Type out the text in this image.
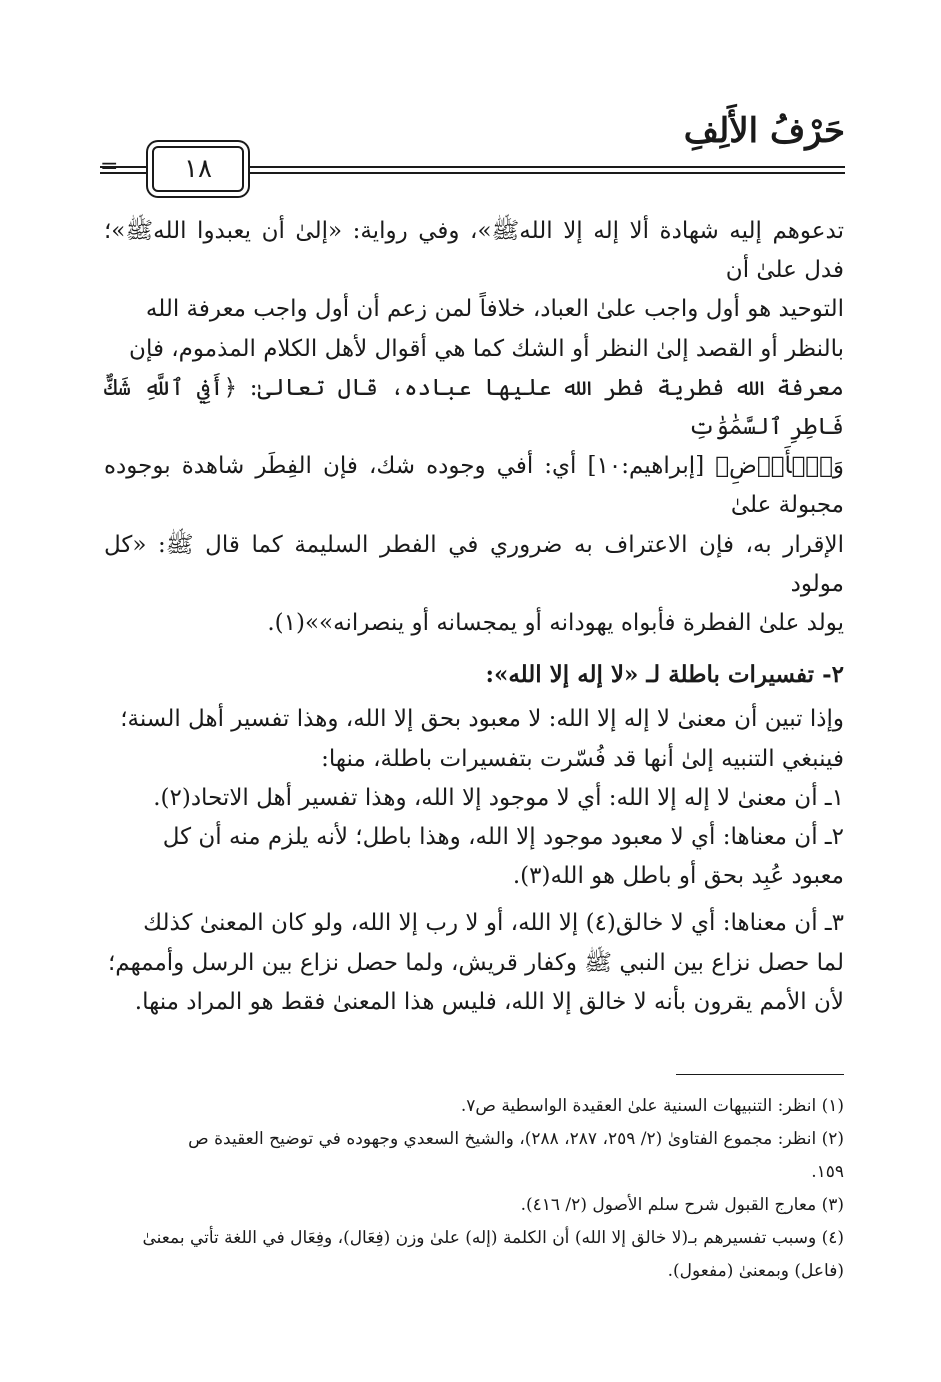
حَرْفُ الأَلِفِ
=	١٨

تدعوهم إليه شهادة ألا إله إلا اللهﷺ»، وفي رواية: «إلىٰ أن يعبدوا اللهﷺ»؛ فدل علىٰ أن

التوحيد هو أول واجب علىٰ العباد، خلافاً لمن زعم أن أول واجب معرفة الله

بالنظر أو القصد إلىٰ النظر أو الشك كما هي أقوال لأهل الكلام المذموم، فإن

معرفة الله فطرية فطر الله عليها عباده، قال تعالىٰ: ﴿أَفِي ٱللَّهِ شَكٌّ فَاطِرِ ٱلسَّمَٰوَٰتِ

وَٱلۡأَرۡضِ﴾ [إبراهيم:١٠] أي: أفي وجوده شك، فإن الفِطَر شاهدة بوجوده مجبولة علىٰ

الإقرار به، فإن الاعتراف به ضروري في الفطر السليمة كما قال ﷺ: «كل مولود

يولد علىٰ الفطرة فأبواه يهودانه أو يمجسانه أو ينصرانه»»(١).

٢- تفسيرات باطلة لـ «لا إله إلا الله»:

وإذا تبين أن معنىٰ لا إله إلا الله: لا معبود بحق إلا الله، وهذا تفسير أهل السنة؛

فينبغي التنبيه إلىٰ أنها قد فُسّرت بتفسيرات باطلة، منها:

١ـ أن معنىٰ لا إله إلا الله: أي لا موجود إلا الله، وهذا تفسير أهل الاتحاد(٢).

٢ـ أن معناها: أي لا معبود موجود إلا الله، وهذا باطل؛ لأنه يلزم منه أن كل

معبود عُبِد بحق أو باطل هو الله(٣).

٣ـ أن معناها: أي لا خالق(٤) إلا الله، أو لا رب إلا الله، ولو كان المعنىٰ كذلك

لما حصل نزاع بين النبي ﷺ وكفار قريش، ولما حصل نزاع بين الرسل وأممهم؛

لأن الأمم يقرون بأنه لا خالق إلا الله، فليس هذا المعنىٰ فقط هو المراد منها.

(١) انظر: التنبيهات السنية علىٰ العقيدة الواسطية ص٧.

(٢) انظر: مجموع الفتاوىٰ (٢/ ٢٥٩، ٢٨٧، ٢٨٨)، والشيخ السعدي وجهوده في توضيح العقيدة ص

١٥٩.

(٣) معارج القبول شرح سلم الأصول (٢/ ٤١٦).

(٤) وسبب تفسيرهم بـ(لا خالق إلا الله) أن الكلمة (إله) علىٰ وزن (فِعَال)، وفِعَال في اللغة تأتي بمعنىٰ

(فاعل) وبمعنىٰ (مفعول).
